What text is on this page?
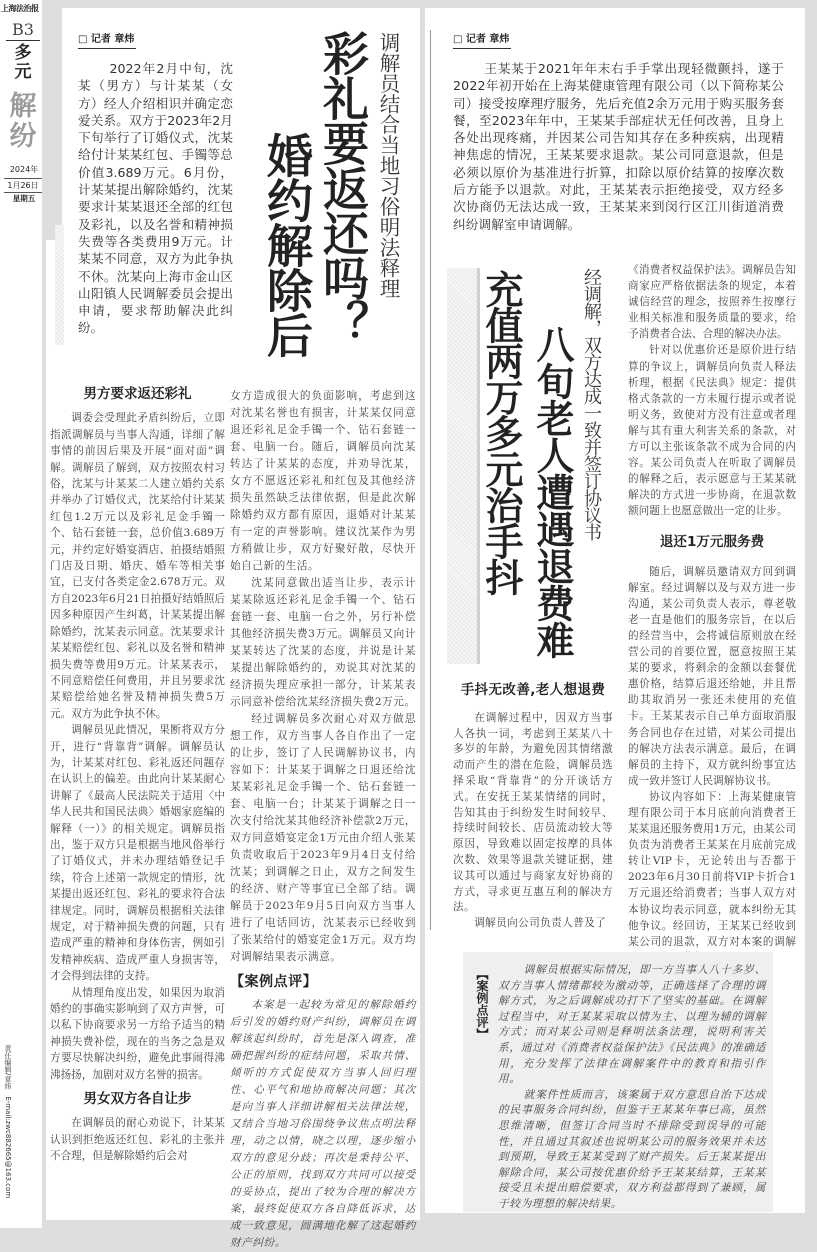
上海法治报
B3
多元
解纷
2024年
1月26日
星期五
责任编辑/章炜　E-mail:zwc882665@163.com
□ 记者 章炜

2022年2月中旬，沈某（男方）与计某某（女方）经人介绍相识并确定恋爱关系。双方于2023年2月下旬举行了订婚仪式，沈某给付计某某红包、手镯等总价值3.689万元。6月份，计某某提出解除婚约，沈某要求计某某退还全部的红包及彩礼，以及名誉和精神损失费等各类费用9万元。计某某不同意，双方为此争执不休。沈某向上海市金山区山阳镇人民调解委员会提出申请，要求帮助解决此纠纷。	彩礼要返还吗？
婚约解除后	调解员结合当地习俗明法释理
男方要求返还彩礼

调委会受理此矛盾纠纷后，立即指派调解员与当事人沟通，详细了解事情的前因后果及开展“面对面”调解。调解员了解到，双方按照农村习俗，沈某与计某某二人建立婚约关系并举办了订婚仪式，沈某给付计某某红包1.2万元以及彩礼足金手镯一个、钻石套链一套，总价值3.689万元，并约定好婚宴酒店、拍摄结婚照门店及日期、婚庆、婚车等相关事宜，已支付各类定金2.678万元。双方自2023年6月21日拍摄好结婚照后因多种原因产生纠葛，计某某提出解除婚约，沈某表示同意。沈某要求计某某赔偿红包、彩礼以及名誉和精神损失费等费用9万元。计某某表示，不同意赔偿任何费用，并且另要求沈某赔偿给她名誉及精神损失费5万元。双方为此争执不休。

调解员见此情况，果断将双方分开，进行“背靠背”调解。调解员认为，计某某对红包、彩礼返还问题存在认识上的偏差。由此向计某某耐心讲解了《最高人民法院关于适用〈中华人民共和国民法典〉婚姻家庭编的解释（一）》的相关规定。调解员指出，鉴于双方只是根据当地风俗举行了订婚仪式，并未办理结婚登记手续，符合上述第一款规定的情形，沈某提出返还红包、彩礼的要求符合法律规定。同时，调解员根据相关法律规定，对于精神损失费的问题，只有造成严重的精神和身体伤害，例如引发精神疾病、造成严重人身损害等，才会得到法律的支持。

从情理角度出发，如果因为取消婚约的事确实影响到了双方声誉，可以私下协商要求另一方给予适当的精神损失费补偿，现在的当务之急是双方要尽快解决纠纷，避免此事闹得沸沸扬扬，加剧对双方名誉的损害。

男女双方各自让步

在调解员的耐心劝说下，计某某认识到拒绝返还红包、彩礼的主张并不合理，但是解除婚约后会对

女方造成很大的负面影响，考虑到这对沈某名誉也有损害，计某某仅同意退还彩礼足金手镯一个、钻石套链一套、电脑一台。随后，调解员向沈某转达了计某某的态度，并劝导沈某，女方不愿返还彩礼和红包及其他经济损失虽然缺乏法律依据，但是此次解除婚约双方都有原因，退婚对计某某有一定的声誉影响。建议沈某作为男方稍做让步，双方好聚好散，尽快开始自己新的生活。

沈某同意做出适当让步，表示计某某除返还彩礼足金手镯一个、钻石套链一套、电脑一台之外，另行补偿其他经济损失费3万元。调解员又向计某某转达了沈某的态度，并说是计某某提出解除婚约的，劝说其对沈某的经济损失理应承担一部分，计某某表示同意补偿给沈某经济损失费2万元。

经过调解员多次耐心对双方做思想工作，双方当事人各自作出了一定的让步，签订了人民调解协议书，内容如下：计某某于调解之日退还给沈某某彩礼足金手镯一个、钻石套链一套、电脑一台；计某某于调解之日一次支付给沈某其他经济补偿款2万元，双方同意婚宴定金1万元由介绍人张某负责收取后于2023年9月4日支付给沈某；到调解之日止，双方之间发生的经济、财产等事宜已全部了结。调解员于2023年9月5日向双方当事人进行了电话回访，沈某表示已经收到了张某给付的婚宴定金1万元。双方均对调解结果表示满意。

【案例点评】

本案是一起较为常见的解除婚约后引发的婚约财产纠纷，调解员在调解该起纠纷时，首先是深入调查，准确把握纠纷的症结问题，采取共情、倾听的方式促使双方当事人回归理性、心平气和地协商解决问题；其次是向当事人详细讲解相关法律法规，又结合当地习俗围绕争议焦点明法释理，动之以情，晓之以理，逐步缩小双方的意见分歧；再次是秉持公平、公正的原则，找到双方共同可以接受的妥协点，提出了较为合理的解决方案，最终促使双方各自降低诉求，达成一致意见，圆满地化解了这起婚约财产纠纷。

□ 记者 章炜

王某某于2021年年末右手手掌出现轻微颤抖，遂于2022年初开始在上海某健康管理有限公司（以下简称某公司）接受按摩理疗服务，先后充值2余万元用于购买服务套餐，至2023年年中，王某某手部症状无任何改善，且身上各处出现疼痛，并因某公司告知其存在多种疾病，出现精神焦虑的情况，王某某要求退款。某公司同意退款，但是必须以原价为基准进行折算，扣除以原价结算的按摩次数后方能予以退款。对此，王某某表示拒绝接受，双方经多次协商仍无法达成一致，王某某来到闵行区江川街道消费纠纷调解室申请调解。

充值两万多元治手抖 八旬老人遭遇退费难 经调解，双方达成一致并签订协议书
手抖无改善,老人想退费

在调解过程中，因双方当事人各执一词，考虑到王某某八十多岁的年龄，为避免因其情绪激动而产生的潜在危险，调解员选择采取“背靠背”的分开谈话方式。在安抚王某某情绪的同时，告知其由于纠纷发生时间较早、持续时间较长、店员流动较大等原因，导致难以固定按摩的具体次数、效果等退款关键证据，建议其可以通过与商家友好协商的方式，寻求更互惠互利的解决方法。

调解员向公司负责人普及了

《消费者权益保护法》。调解员告知商家应严格依据法条的规定，本着诚信经营的理念，按照养生按摩行业相关标准和服务质量的要求，给予消费者合法、合理的解决办法。

针对以优惠价还是原价进行结算的争议上，调解员向负责人释法析理，根据《民法典》规定：提供格式条款的一方未履行提示或者说明义务，致使对方没有注意或者理解与其有重大利害关系的条款，对方可以主张该条款不成为合同的内容。某公司负责人在听取了调解员的解释之后，表示愿意与王某某就解决的方式进一步协商，在退款数额问题上也愿意做出一定的让步。

退还1万元服务费

随后，调解员邀请双方回到调解室。经过调解以及与双方进一步沟通，某公司负责人表示，尊老敬老一直是他们的服务宗旨，在以后的经营当中，会将诚信原则放在经营公司的首要位置，愿意按照王某某的要求，将剩余的金额以套餐优惠价格，结算后退还给她，并且帮助其取消另一张还未使用的充值卡。王某某表示自己单方面取消服务合同也存在过错，对某公司提出的解决方法表示满意。最后，在调解员的主持下，双方就纠纷事宜达成一致并签订人民调解协议书。

协议内容如下：上海某健康管理有限公司于本月底前向消费者王某某退还服务费用1万元，由某公司负责为消费者王某某在月底前完成转让VIP卡，无论转出与否都于2023年6月30日前将VIP卡折合1万元退还给消费者；当事人双方对本协议均表示同意，就本纠纷无其他争议。经回访，王某某已经收到某公司的退款，双方对本案的调解

【案例点评】	调解员根据实际情况，即一方当事人八十多岁、双方当事人情绪都较为激动等，正确选择了合理的调解方式，为之后调解成功打下了坚实的基础。在调解过程当中，对王某某采取以情为主、以理为辅的调解方式；而对某公司则是释明法条法理，说明利害关系，通过对《消费者权益保护法》《民法典》的准确适用，充分发挥了法律在调解案件中的教育和指引作用。

就案件性质而言，该案属于双方意思自治下达成的民事服务合同纠纷，但鉴于王某某年事已高，虽然思维清晰，但签订合同当时不排除受到误导的可能性，并且通过其叙述也说明某公司的服务效果并未达到预期，导致王某某受到了财产损失。后王某某提出解除合同，某公司按优惠价给予王某某结算，王某某接受且未提出赔偿要求，双方利益都得到了兼顾，属于较为理想的解决结果。
